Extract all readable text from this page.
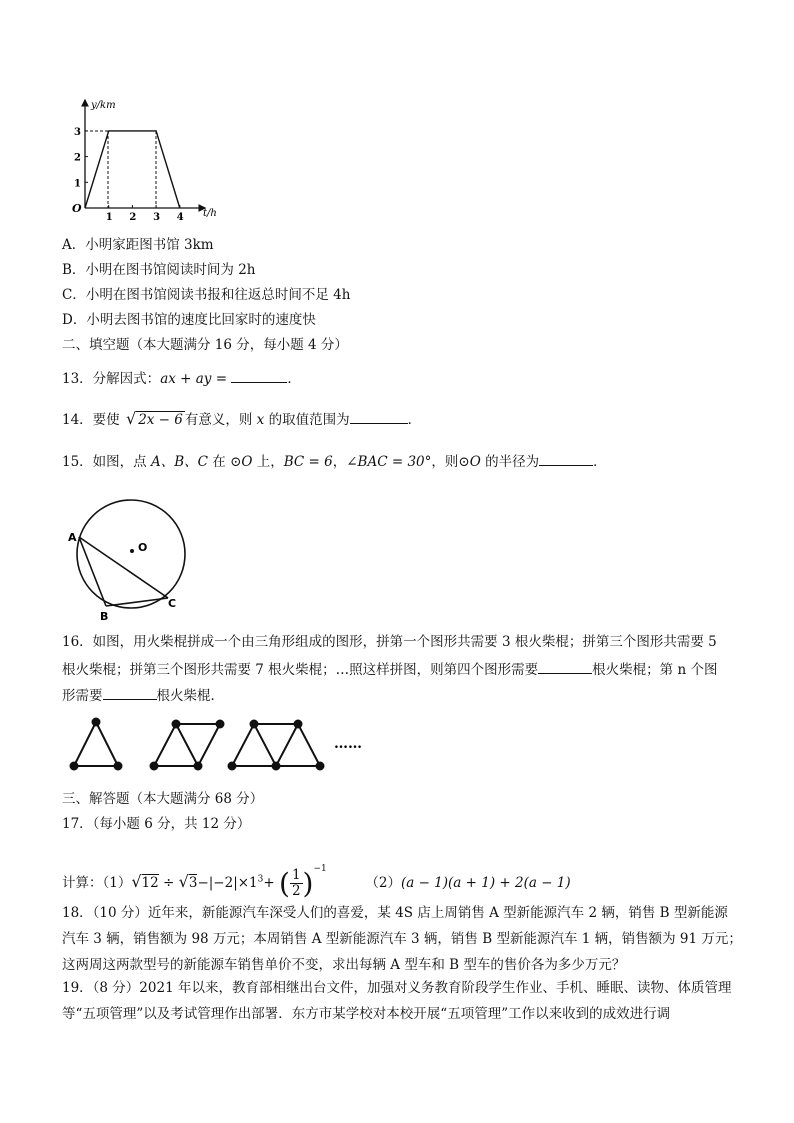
y/km
t/h
O
1 2 3 4
1
2
3
A．小明家距图书馆 3km
B．小明在图书馆阅读时间为 2h
C．小明在图书馆阅读书报和往返总时间不足 4h
D．小明去图书馆的速度比回家时的速度快
二、填空题（本大题满分 16 分，每小题 4 分）
13．分解因式：ax + ay =	．
14．要使 √ 2x − 6 有意义，则 x 的取值范围为	．
15．如图，点 A、B、C 在 ⊙O 上，BC = 6，∠BAC = 30°，则⊙O 的半径为	．
A
O
B
C
16．如图，用火柴棍拼成一个由三角形组成的图形，拼第一个图形共需要 3 根火柴棍；拼第三个图形共需要 5
根火柴棍；拼第三个图形共需要 7 根火柴棍；…照这样拼图，则第四个图形需要	根火柴棍；第 n 个图
形需要	根火柴棍．
……
三、解答题（本大题满分 68 分）
17．（每小题 6 分，共 12 分）
计算：$(1)√12 \div √3-|-2|\times 1^3+$ ( $\frac{1}{2} )^{-1}$         （2）(a − 1)(a + 1) + 2(a − 1)
18．（10 分）近年来，新能源汽车深受人们的喜爱，某 4S 店上周销售 A 型新能源汽车 2 辆，销售 B 型新能源
汽车 3 辆，销售额为 98 万元；本周销售 A 型新能源汽车 3 辆，销售 B 型新能源汽车 1 辆，销售额为 91 万元；
这两周这两款型号的新能源车销售单价不变，求出每辆 A 型车和 B 型车的售价各为多少万元？
19．（8 分）2021 年以来，教育部相继出台文件，加强对义务教育阶段学生作业、手机、睡眠、读物、体质管理
等“五项管理”以及考试管理作出部署．东方市某学校对本校开展“五项管理”工作以来收到的成效进行调
